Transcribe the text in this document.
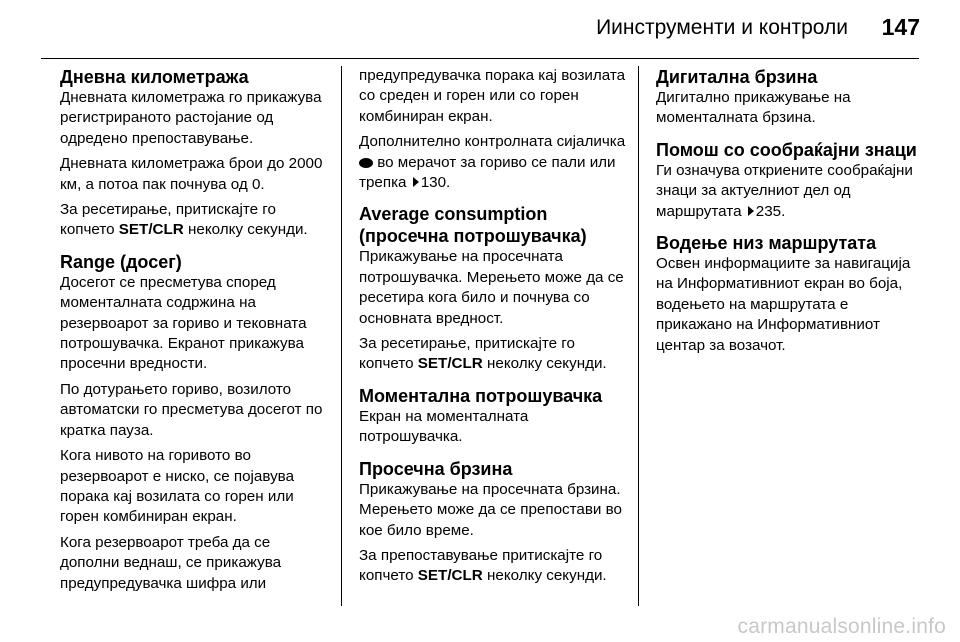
Иинструменти и контроли 147
Дневна километража

Дневната километража го прикажува регистрираното растојание од одредено препоставување.

Дневната километража брои до 2000 км, а потоа пак почнува од 0.

За ресетирање, притискајте го копчето SET/CLR неколку секунди.

Range (досег)

Досегот се пресметува според моменталната содржина на резервоарот за гориво и тековната потрошувачка. Екранот прикажува просечни вредности.

По дотурањето гориво, возилото автоматски го пресметува досегот по кратка пауза.

Кога нивото на горивото во резервоарот е ниско, се појавува порака кај возилата со горен или горен комбиниран екран.

Кога резервоарот треба да се дополни веднаш, се прикажува предупредувачка шифра или

предупредувачка порака кај возилата со среден и горен или со горен комбиниран екран.

Дополнително контролната сијаличка  во мерачот за гориво се пали или трепка 130.

Average consumption (просечна потрошувачка)

Прикажување на просечната потрошувачка. Мерењето може да се ресетира кога било и почнува со основната вредност.

За ресетирање, притискајте го копчето SET/CLR неколку секунди.

Моментална потрошувачка

Екран на моменталната потрошувачка.

Просечна брзина

Прикажување на просечната брзина. Мерењето може да се препостави во кое било време.

За препоставување притискајте го копчето SET/CLR неколку секунди.

Дигитална брзина

Дигитално прикажување на моменталната брзина.

Помош со сообраќајни знаци

Ги означува откриените сообраќајни знаци за актуелниот дел од маршрутата 235.

Водење низ маршрутата

Освен информациите за навигација на Информативниот екран во боја, водењето на маршрутата е прикажано на Информативниот центар за возачот.

carmanualsonline.info
